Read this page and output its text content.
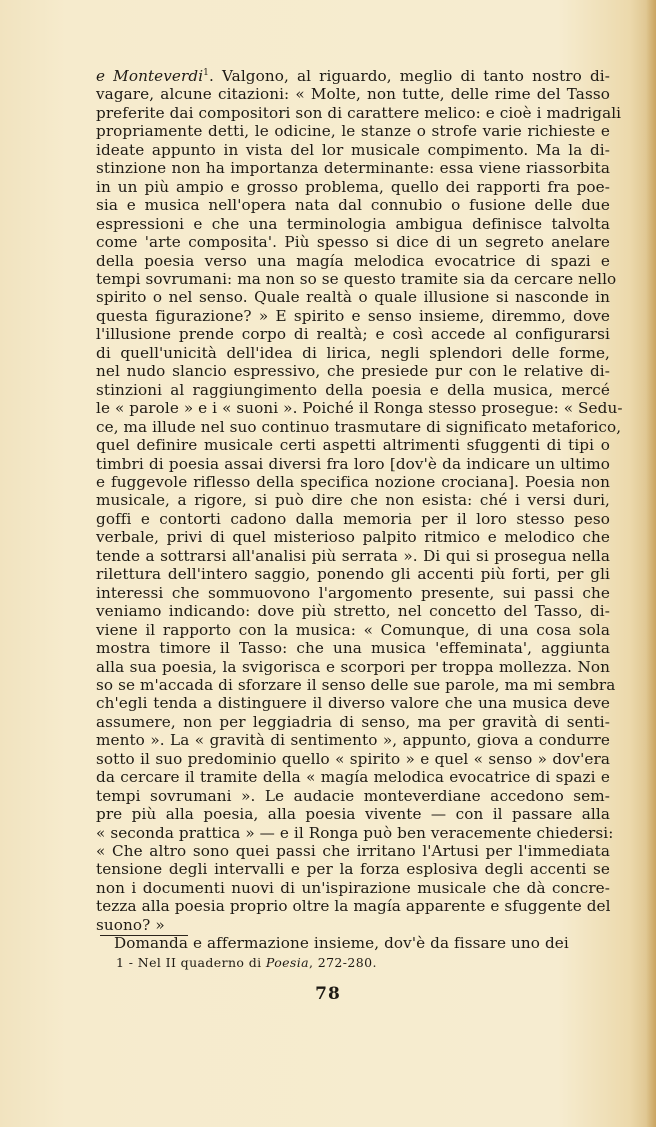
e Monteverdi$^1$. Valgono, al riguardo, meglio di tanto nostro di-
vagare, alcune citazioni: « Molte, non tutte, delle rime del Tasso
preferite dai compositori son di carattere melico: e cioè i madrigali
propriamente detti, le odicine, le stanze o strofe varie richieste e
ideate appunto in vista del lor musicale compimento. Ma la di-
stinzione non ha importanza determinante: essa viene riassorbita
in un più ampio e grosso problema, quello dei rapporti fra poe-
sia e musica nell'opera nata dal connubio o fusione delle due
espressioni e che una terminologia ambigua definisce talvolta
come 'arte composita'. Più spesso si dice di un segreto anelare
della poesia verso una magía melodica evocatrice di spazi e
tempi sovrumani: ma non so se questo tramite sia da cercare nello
spirito o nel senso. Quale realtà o quale illusione si nasconde in
questa figurazione? » E spirito e senso insieme, diremmo, dove
l'illusione prende corpo di realtà; e così accede al configurarsi
di quell'unicità dell'idea di lirica, negli splendori delle forme,
nel nudo slancio espressivo, che presiede pur con le relative di-
stinzioni al raggiungimento della poesia e della musica, mercé
le « parole » e i « suoni ». Poiché il Ronga stesso prosegue: « Sedu-
ce, ma illude nel suo continuo trasmutare di significato metaforico,
quel definire musicale certi aspetti altrimenti sfuggenti di tipi o
timbri di poesia assai diversi fra loro [dov'è da indicare un ultimo
e fuggevole riflesso della specifica nozione crociana]. Poesia non
musicale, a rigore, si può dire che non esista: ché i versi duri,
goffi e contorti cadono dalla memoria per il loro stesso peso
verbale, privi di quel misterioso palpito ritmico e melodico che
tende a sottrarsi all'analisi più serrata ». Di qui si prosegua nella
rilettura dell'intero saggio, ponendo gli accenti più forti, per gli
interessi che sommuovono l'argomento presente, sui passi che
veniamo indicando: dove più stretto, nel concetto del Tasso, di-
viene il rapporto con la musica: « Comunque, di una cosa sola
mostra timore il Tasso: che una musica 'effeminata', aggiunta
alla sua poesia, la svigorisca e scorpori per troppa mollezza. Non
so se m'accada di sforzare il senso delle sue parole, ma mi sembra
ch'egli tenda a distinguere il diverso valore che una musica deve
assumere, non per leggiadria di senso, ma per gravità di senti-
mento ». La « gravità di sentimento », appunto, giova a condurre
sotto il suo predominio quello « spirito » e quel « senso » dov'era
da cercare il tramite della « magía melodica evocatrice di spazi e
tempi sovrumani ». Le audacie monteverdiane accedono sem-
pre più alla poesia, alla poesia vivente — con il passare alla
« seconda prattica » — e il Ronga può ben veracemente chiedersi:
« Che altro sono quei passi che irritano l'Artusi per l'immediata
tensione degli intervalli e per la forza esplosiva degli accenti se
non i documenti nuovi di un'ispirazione musicale che dà concre-
tezza alla poesia proprio oltre la magía apparente e sfuggente del
suono? »
Domanda e affermazione insieme, dov'è da fissare uno dei
1 - Nel II quaderno di Poesia, 272-280.
78
